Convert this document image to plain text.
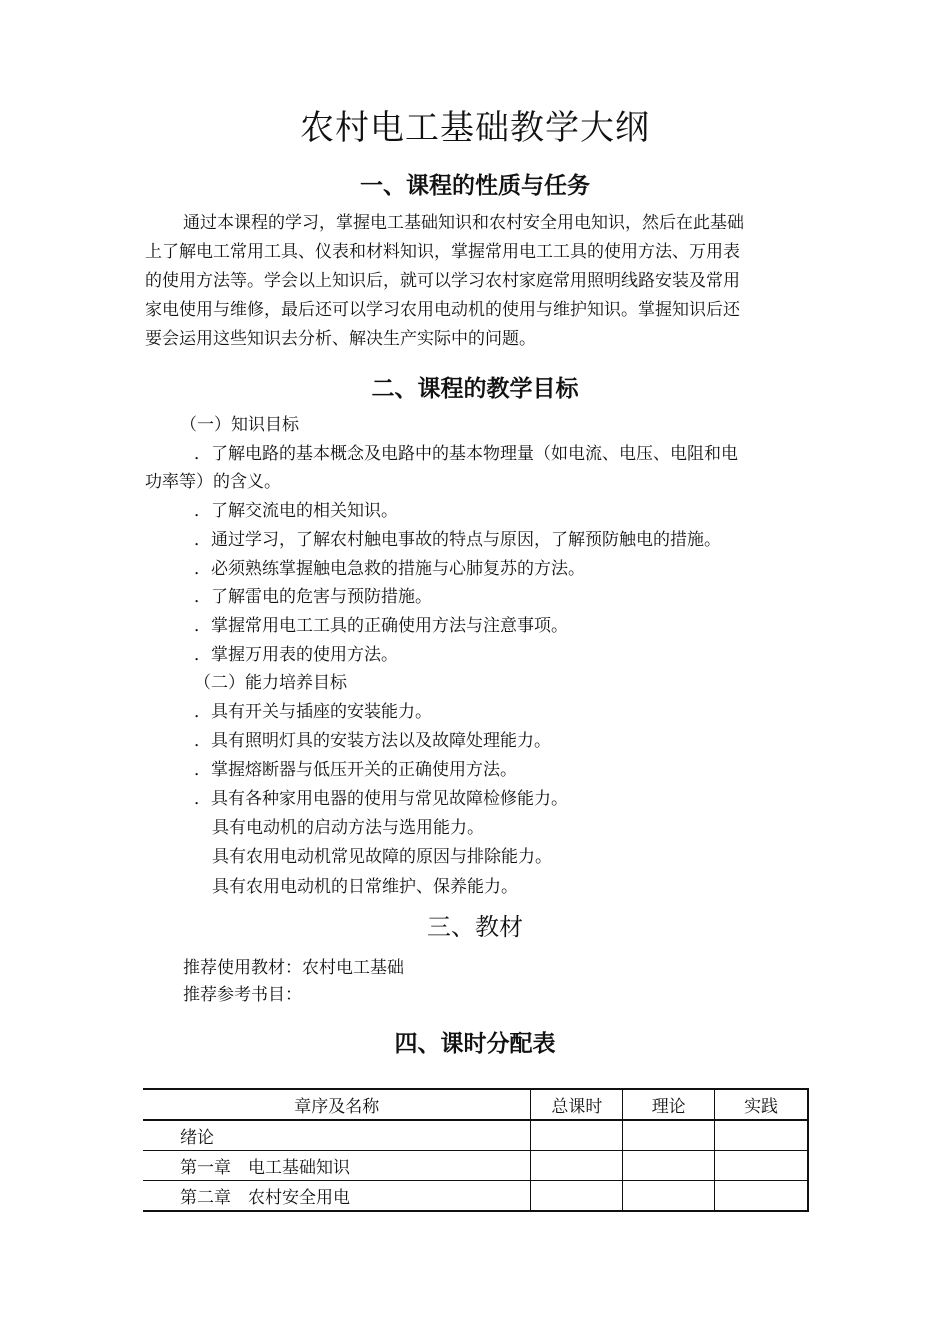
农村电工基础教学大纲
一、课程的性质与任务
通过本课程的学习，掌握电工基础知识和农村安全用电知识，然后在此基础
上了解电工常用工具、仪表和材料知识，掌握常用电工工具的使用方法、万用表
的使用方法等。学会以上知识后，就可以学习农村家庭常用照明线路安装及常用
家电使用与维修，最后还可以学习农用电动机的使用与维护知识。掌握知识后还
要会运用这些知识去分析、解决生产实际中的问题。
二、课程的教学目标
（一）知识目标
．了解电路的基本概念及电路中的基本物理量（如电流、电压、电阻和电
功率等）的含义。
．了解交流电的相关知识。
．通过学习，了解农村触电事故的特点与原因，了解预防触电的措施。
．必须熟练掌握触电急救的措施与心肺复苏的方法。
．了解雷电的危害与预防措施。
．掌握常用电工工具的正确使用方法与注意事项。
．掌握万用表的使用方法。
（二）能力培养目标
．具有开关与插座的安装能力。
．具有照明灯具的安装方法以及故障处理能力。
．掌握熔断器与低压开关的正确使用方法。
．具有各种家用电器的使用与常见故障检修能力。
具有电动机的启动方法与选用能力。
具有农用电动机常见故障的原因与排除能力。
具有农用电动机的日常维护、保养能力。
三、教材
推荐使用教材：农村电工基础
推荐参考书目：
四、课时分配表
章序及名称	总课时	理论	实践
绪论			
第一章　电工基础知识			
第二章　农村安全用电			
